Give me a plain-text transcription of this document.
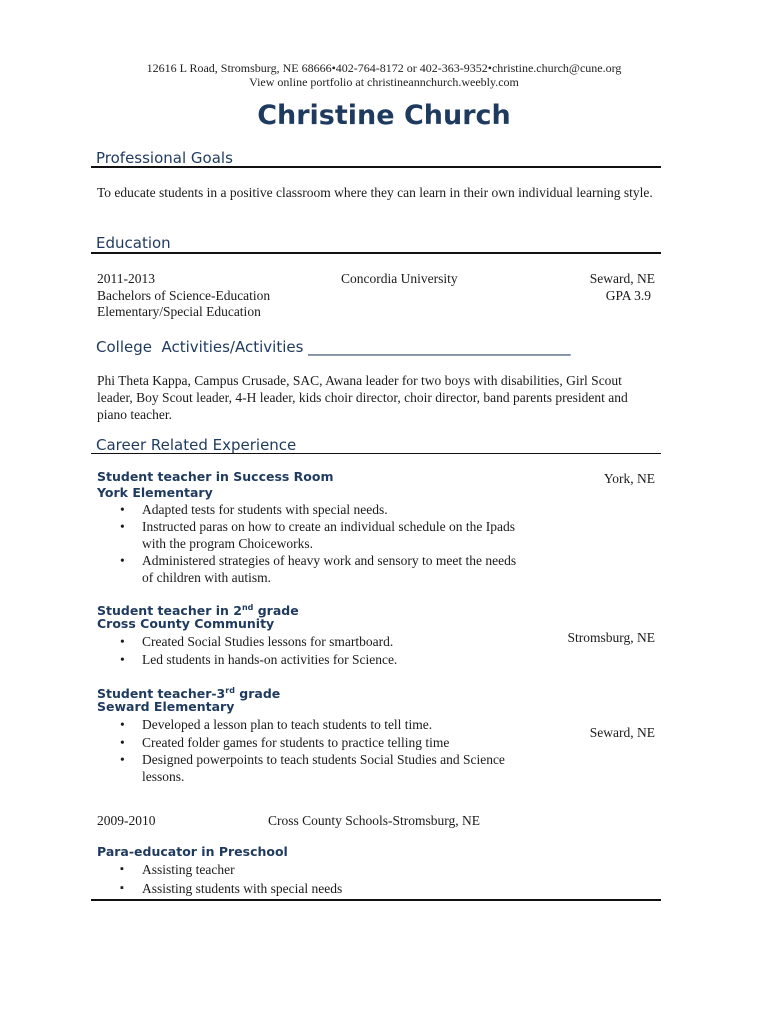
12616 L Road, Stromsburg, NE 68666•402-764-8172 or 402-363-9352•christine.church@cune.org
View online portfolio at christineannchurch.weebly.com
Christine Church
Professional Goals
To educate students in a positive classroom where they can learn in their own individual learning style.
Education
2011-2013	Concordia University	Seward, NE
Bachelors of Science-Education	GPA 3.9
Elementary/Special Education
College  Activities/Activities ___________________________________
Phi Theta Kappa, Campus Crusade, SAC, Awana leader for two boys with disabilities, Girl Scout leader, Boy Scout leader, 4-H leader, kids choir director, choir director, band parents president and piano teacher.
Career Related Experience
Student teacher in Success Room
York Elementary
York, NE
• Adapted tests for students with special needs.
• Instructed paras on how to create an individual schedule on the Ipads with the program Choiceworks.
• Administered strategies of heavy work and sensory to meet the needs of children with autism.
Student teacher in 2nd grade
Cross County Community
Stromsburg, NE
• Created Social Studies lessons for smartboard.
• Led students in hands-on activities for Science.
Student teacher-3rd grade
Seward Elementary
Seward, NE
• Developed a lesson plan to teach students to tell time.
• Created folder games for students to practice telling time
• Designed powerpoints to teach students Social Studies and Science lessons.
2009-2010	Cross County Schools-Stromsburg, NE
Para-educator in Preschool
▪ Assisting teacher
▪ Assisting students with special needs
